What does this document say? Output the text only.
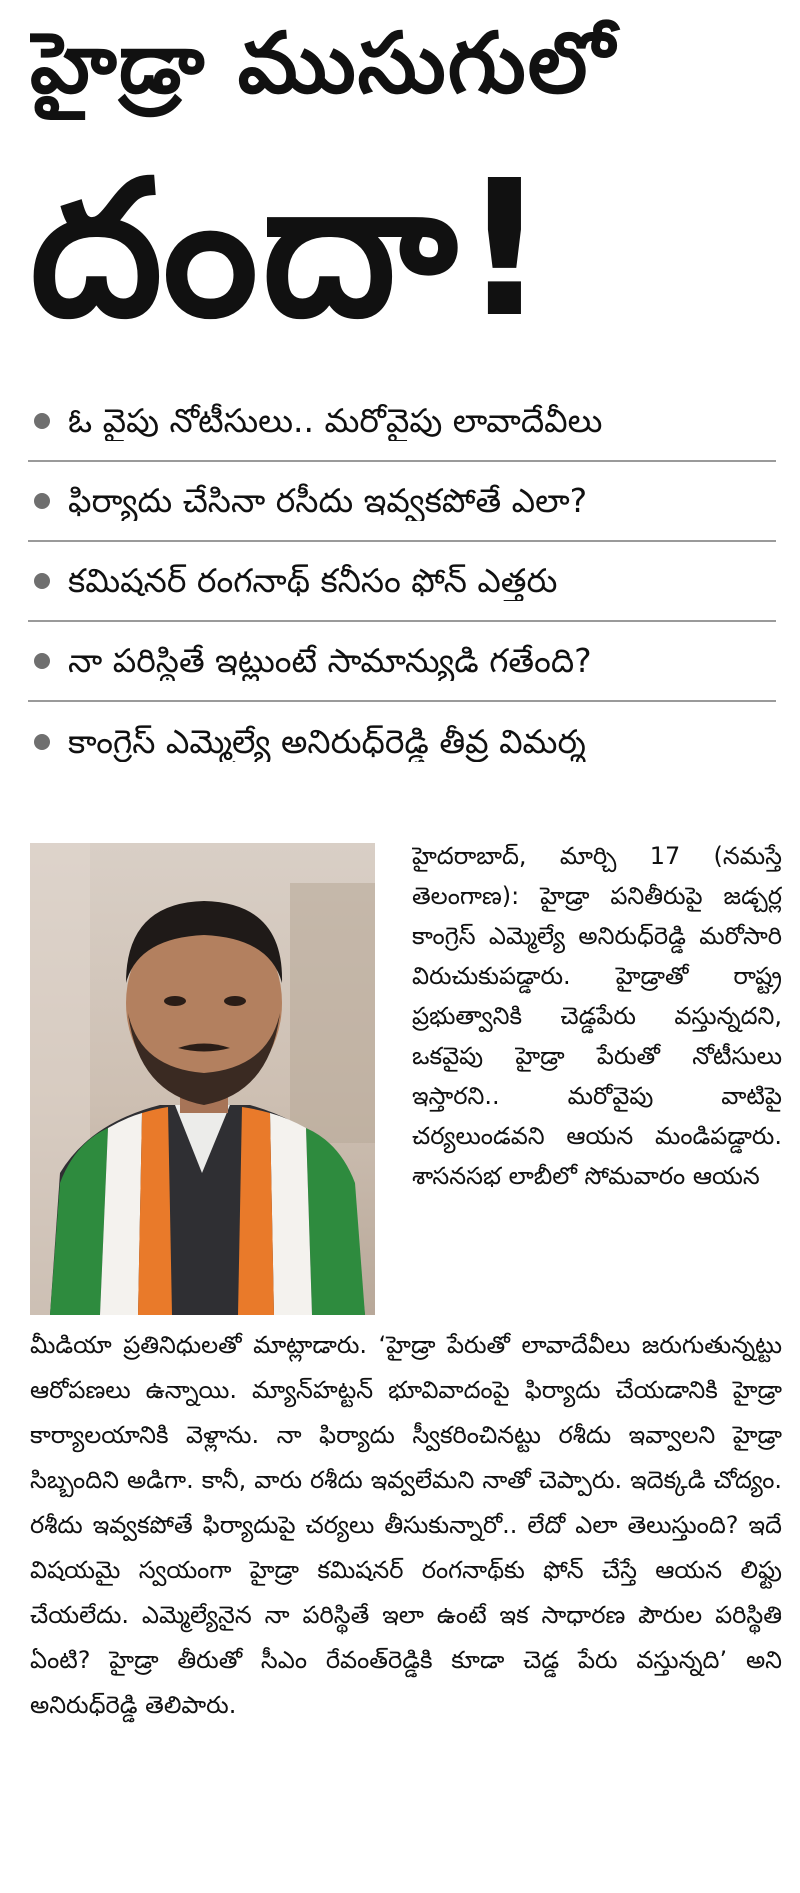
హైడ్రా ముసుగులో
దందా!
ఓ వైపు నోటీసులు.. మరోవైపు లావాదేవీలు
ఫిర్యాదు చేసినా రసీదు ఇవ్వకపోతే ఎలా?
కమిషనర్ రంగనాథ్ కనీసం ఫోన్ ఎత్తరు
నా పరిస్థితే ఇట్లుంటే సామాన్యుడి గతేంది?
కాంగ్రెస్ ఎమ్మెల్యే అనిరుధ్‌రెడ్డి తీవ్ర విమర్శ

హైదరాబాద్, మార్చి 17 (నమస్తే తెలంగాణ): హైడ్రా పనితీరుపై జడ్చర్ల కాంగ్రెస్ ఎమ్మెల్యే అనిరుధ్‌రెడ్డి మరోసారి విరుచుకుపడ్డారు. హైడ్రాతో రాష్ట్ర ప్రభుత్వానికి చెడ్డపేరు వస్తున్నదని, ఒకవైపు హైడ్రా పేరుతో నోటీసులు ఇస్తారని.. మరోవైపు వాటిపై చర్యలుండవని ఆయన మండిపడ్డారు. శాసనసభ లాబీలో సోమవారం ఆయన

మీడియా ప్రతినిధులతో మాట్లాడారు. ‘హైడ్రా పేరుతో లావాదేవీలు జరుగుతున్నట్టు ఆరోపణలు ఉన్నాయి. మ్యాన్‌హట్టన్ భూవివాదంపై ఫిర్యాదు చేయడానికి హైడ్రా కార్యాలయానికి వెళ్లాను. నా ఫిర్యాదు స్వీకరించినట్టు రశీదు ఇవ్వాలని హైడ్రా సిబ్బందిని అడిగా. కానీ, వారు రశీదు ఇవ్వలేమని నాతో చెప్పారు. ఇదెక్కడి చోద్యం. రశీదు ఇవ్వకపోతే ఫిర్యాదుపై చర్యలు తీసుకున్నారో.. లేదో ఎలా తెలుస్తుంది? ఇదే విషయమై స్వయంగా హైడ్రా కమిషనర్ రంగనాథ్‌కు ఫోన్ చేస్తే ఆయన లిఫ్టు చేయలేదు. ఎమ్మెల్యేనైన నా పరిస్థితే ఇలా ఉంటే ఇక సాధారణ పౌరుల పరిస్థితి ఏంటి? హైడ్రా తీరుతో సీఎం రేవంత్‌రెడ్డికి కూడా చెడ్డ పేరు వస్తున్నది’ అని అనిరుధ్‌రెడ్డి తెలిపారు.
